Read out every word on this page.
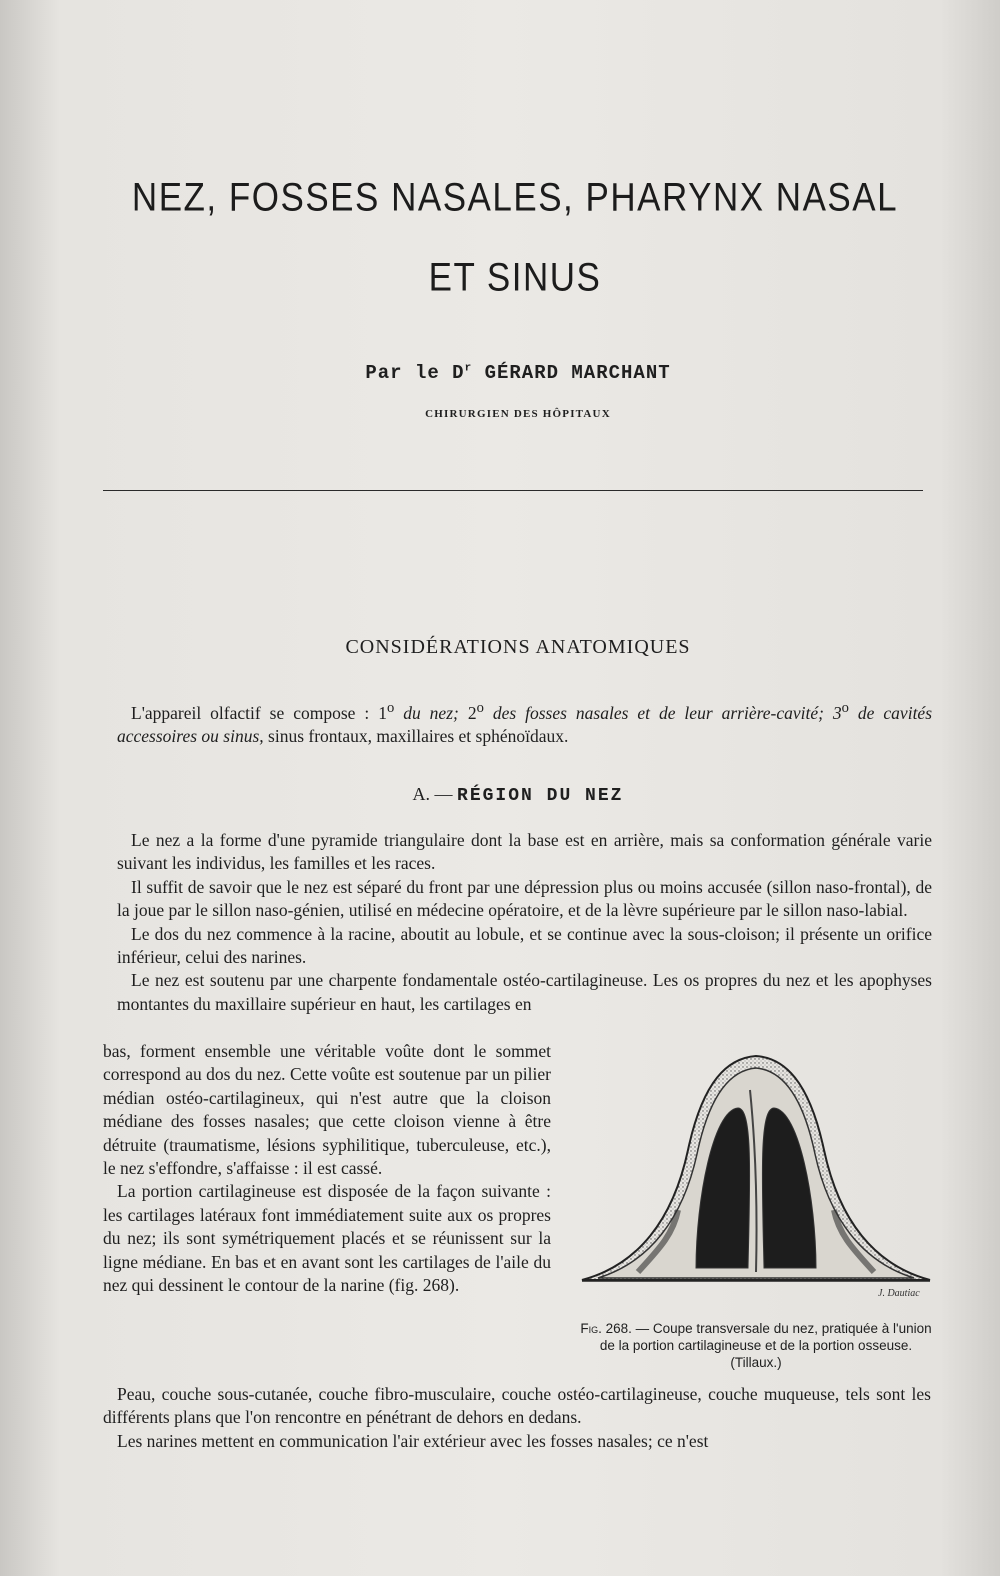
NEZ, FOSSES NASALES, PHARYNX NASAL
ET SINUS
Par le $D^r$ GÉRARD MARCHANT
CHIRURGIEN DES HÔPITAUX
CONSIDÉRATIONS ANATOMIQUES

L'appareil olfactif se compose : 1$^o$ du nez; 2$^o$ des fosses nasales et de leur arrière-cavité; 3$^o$ de cavités accessoires ou sinus, sinus frontaux, maxillaires et sphénoïdaux.

A. — RÉGION DU NEZ
Le nez a la forme d'une pyramide triangulaire dont la base est en arrière, mais sa conformation générale varie suivant les individus, les familles et les races.
Il suffit de savoir que le nez est séparé du front par une dépression plus ou moins accusée (sillon naso-frontal), de la joue par le sillon naso-génien, utilisé en médecine opératoire, et de la lèvre supérieure par le sillon naso-labial.
Le dos du nez commence à la racine, aboutit au lobule, et se continue avec la sous-cloison; il présente un orifice inférieur, celui des narines.
Le nez est soutenu par une charpente fondamentale ostéo-cartilagineuse. Les os propres du nez et les apophyses montantes du maxillaire supérieur en haut, les cartilages en
bas, forment ensemble une véritable voûte dont le sommet correspond au dos du nez. Cette voûte est soutenue par un pilier médian ostéo-cartilagineux, qui n'est autre que la cloison médiane des fosses nasales; que cette cloison vienne à être détruite (traumatisme, lésions syphilitique, tuberculeuse, etc.), le nez s'effondre, s'affaisse : il est cassé.
La portion cartilagineuse est disposée de la façon suivante : les cartilages latéraux font immédiatement suite aux os propres du nez; ils sont symétriquement placés et se réunissent sur la ligne médiane. En bas et en avant sont les cartilages de l'aile du nez qui dessinent le contour de la narine (fig. 268).	J. Dautiac
Fig. 268. — Coupe transversale du nez, pratiquée à l'union de la portion cartilagineuse et de la portion osseuse. (Tillaux.)
Peau, couche sous-cutanée, couche fibro-musculaire, couche ostéo-cartilagineuse, couche muqueuse, tels sont les différents plans que l'on rencontre en pénétrant de dehors en dedans.
Les narines mettent en communication l'air extérieur avec les fosses nasales; ce n'est
